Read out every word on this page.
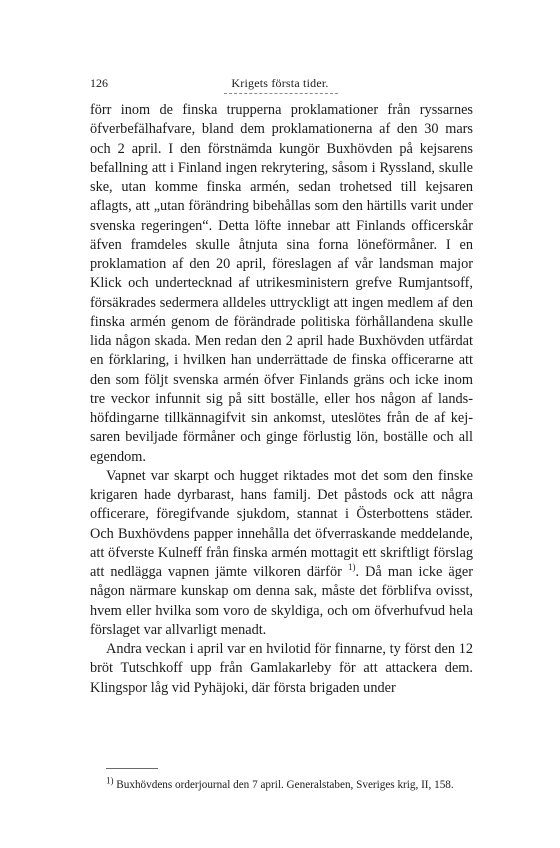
126	Krigets första tider.

förr inom de finska trupperna proklamationer från ryssarnes öfverbefälhafvare, bland dem proklamationerna af den 30 mars och 2 april. I den förstnämda kungör Buxhövden på kejsarens befallning att i Finland ingen rekrytering, såsom i Ryssland, skulle ske, utan komme finska armén, sedan trohetsed till kejsaren aflagts, att „utan förändring bibehållas som den härtills varit under svenska regeringen“. Detta löfte innebar att Finlands officerskår äfven framdeles skulle åtnjuta sina forna löneförmåner. I en proklamation af den 20 april, föreslagen af vår landsman major Klick och undertecknad af utrikesministern grefve Rumjantsoff, försäkrades sedermera alldeles uttryckligt att ingen medlem af den finska armén genom de förändrade politiska förhållandena skulle lida någon skada. Men redan den 2 april hade Buxhövden utfärdat en förklaring, i hvilken han underrättade de finska officerarne att den som följt svenska armén öfver Finlands gräns och icke inom tre veckor infunnit sig på sitt boställe, eller hos någon af landshöfdingarne tillkännagifvit sin ankomst, uteslötes från de af kejsaren beviljade förmåner och ginge förlustig lön, boställe och all egendom.

Vapnet var skarpt och hugget riktades mot det som den finske krigaren hade dyrbarast, hans familj. Det påstods ock att några officerare, föregifvande sjukdom, stannat i Österbottens städer. Och Buxhövdens papper innehålla det öfverraskande meddelande, att öfverste Kulneff från finska armén mottagit ett skriftligt förslag att nedlägga vapnen jämte vilkoren därför $^{1)}$. Då man icke äger någon närmare kunskap om denna sak, måste det förblifva ovisst, hvem eller hvilka som voro de skyldiga, och om öfverhufvud hela förslaget var allvarligt menadt.

Andra veckan i april var en hvilotid för finnarne, ty först den 12 bröt Tutschkoff upp från Gamlakarleby för att attackera dem. Klingspor låg vid Pyhäjoki, där första brigaden under

$^{1)}$ Buxhövdens orderjournal den 7 april. Generalstaben, Sveriges krig, II, 158.
